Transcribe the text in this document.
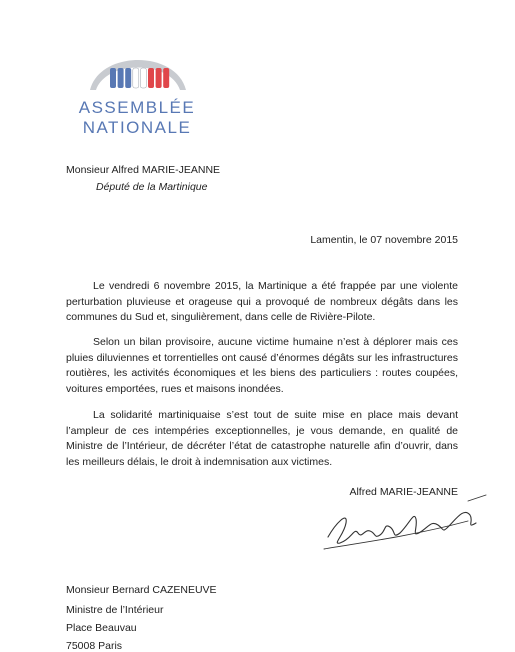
ASSEMBLÉE
NATIONALE
Monsieur Alfred MARIE-JEANNE
Député de la Martinique
Lamentin, le 07 novembre 2015

Le vendredi 6 novembre 2015, la Martinique a été frappée par une violente perturbation pluvieuse et orageuse qui a provoqué de nombreux dégâts dans les communes du Sud et, singulièrement, dans celle de Rivière-Pilote.

Selon un bilan provisoire, aucune victime humaine n’est à déplorer mais ces pluies diluviennes et torrentielles ont causé d’énormes dégâts sur les infrastructures routières, les activités économiques et les biens des particuliers : routes coupées, voitures emportées, rues et maisons inondées.

La solidarité martiniquaise s’est tout de suite mise en place mais devant l’ampleur de ces intempéries exceptionnelles, je vous demande, en qualité de Ministre de l’Intérieur, de décréter l’état de catastrophe naturelle afin d’ouvrir, dans les meilleurs délais, le droit à indemnisation aux victimes.

Alfred MARIE-JEANNE
Monsieur Bernard CAZENEUVE
Ministre de l’Intérieur
Place Beauvau
75008 Paris
